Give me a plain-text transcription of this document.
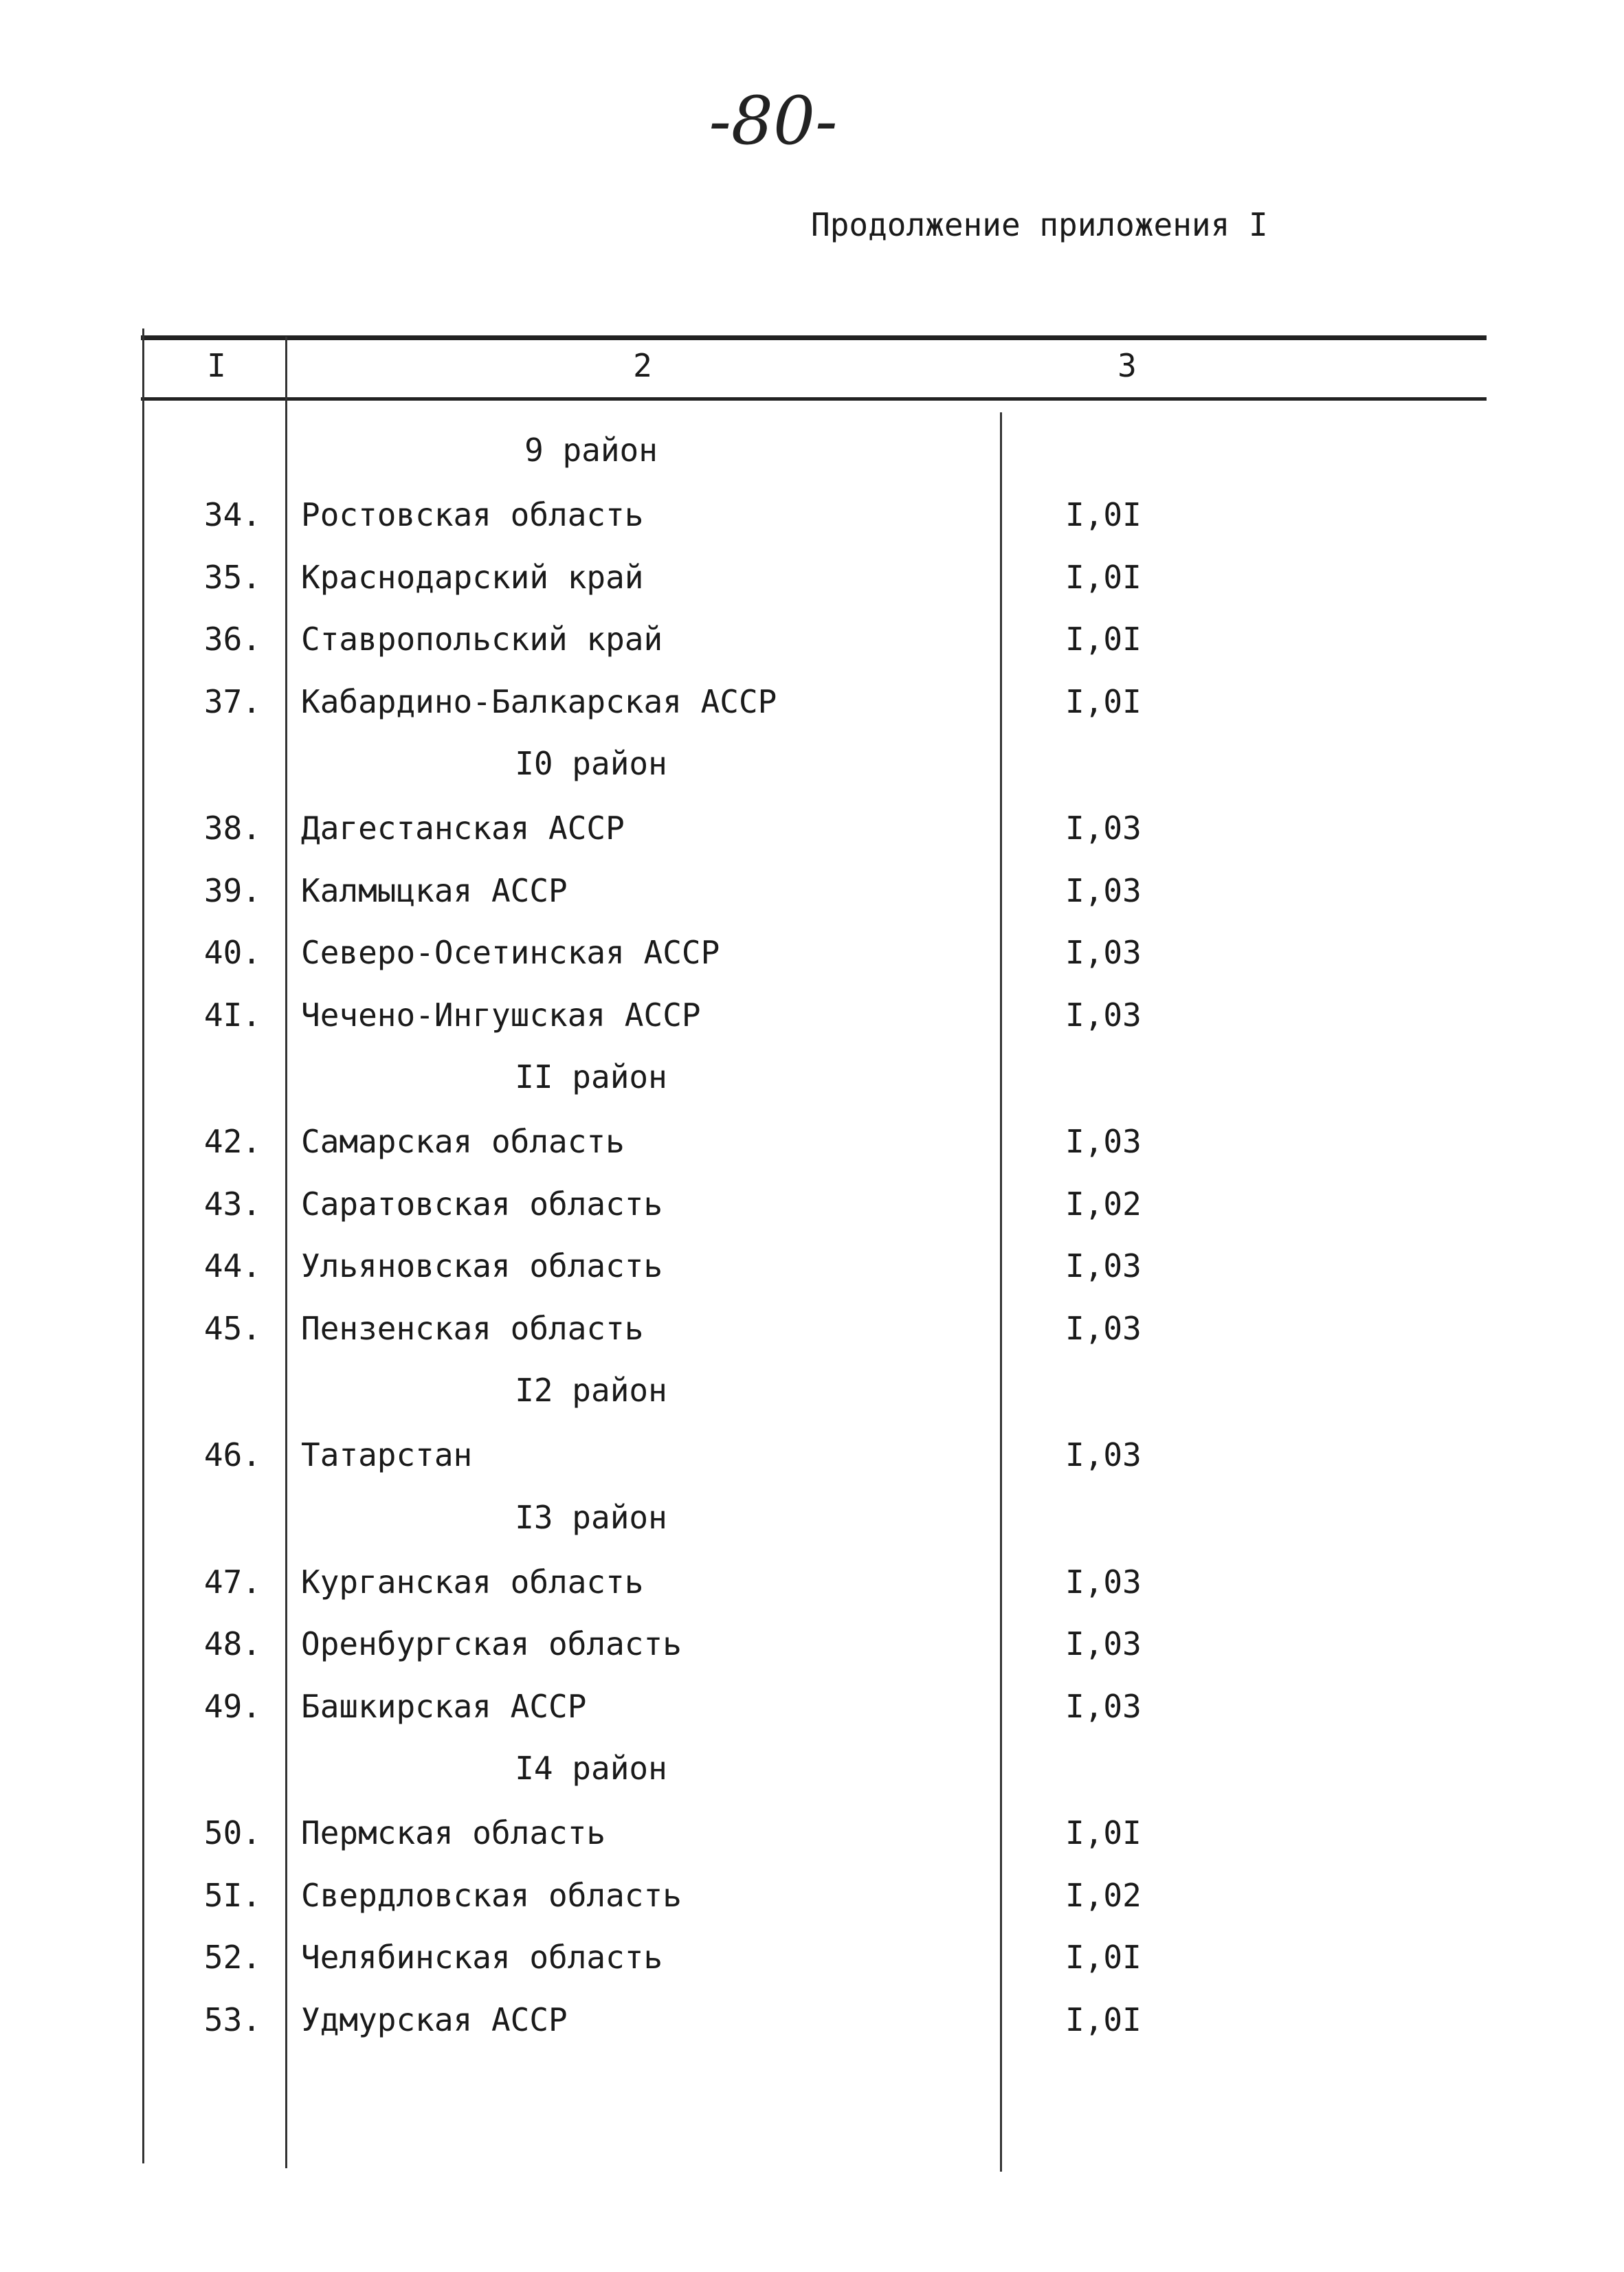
-80-
Продолжение приложения I
I	2	3
9 район
34. Ростовская область	I,0I
35. Краснодарский край	I,0I
36. Ставропольский край	I,0I
37. Кабардино-Балкарская АССР	I,0I
I0 район
38. Дагестанская АССР	I,03
39. Калмыцкая АССР	I,03
40. Северо-Осетинская АССР	I,03
4I. Чечено-Ингушская АССР	I,03
II район
42. Самарская область	I,03
43. Саратовская область	I,02
44. Ульяновская область	I,03
45. Пензенская область	I,03
I2 район
46. Татарстан	I,03
I3 район
47. Курганская область	I,03
48. Оренбургская область	I,03
49. Башкирская АССР	I,03
I4 район
50. Пермская область	I,0I
5I. Свердловская область	I,02
52. Челябинская область	I,0I
53. Удмурская АССР	I,0I
